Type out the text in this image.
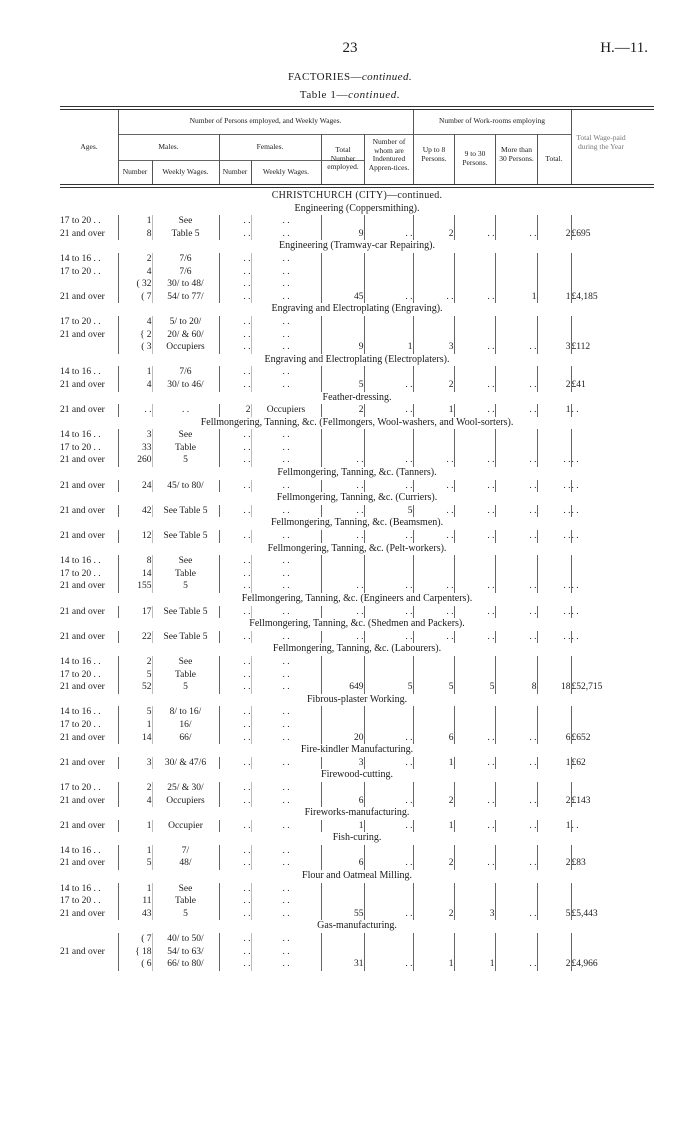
23	H.—11.
FACTORIES—continued.
Table 1—continued.
Ages.
Number of Persons employed, and Weekly Wages.
Males.	Females.
Number	Weekly Wages.	Number	Weekly Wages.
Total Number employed.
Number of whom are Indentured Appren-tices.
Number of Work-rooms employing
Up to 8 Persons.
9 to 30 Persons.
More than 30 Persons.	Total.
Total Wage-paid during the Year
CHRISTCHURCH (CITY)—continued.											
Engineering (Coppersmithing).											
17 to 20 . .	1	See	. .	. .							
21 and over	8	Table 5	. .	. .	9	. .	2	. .	. .	2	£695
Engineering (Tramway-car Repairing).											
14 to 16 . .	2	7/6	. .	. .							
17 to 20 . .	4	7/6	. .	. .							
	( 32	30/ to 48/	. .	. .							
21 and over	( 7	54/ to 77/	. .	. .	45	. .	. .	. .	1	1	£4,185
Engraving and Electroplating (Engraving).											
17 to 20 . .	4	5/ to 20/	. .	. .							
21 and over	{ 2	20/ & 60/	. .	. .							
	( 3	Occupiers	. .	. .	9	1	3	. .	. .	3	£112
Engraving and Electroplating (Electroplaters).											
14 to 16 . .	1	7/6	. .	. .							
21 and over	4	30/ to 46/	. .	. .	5	. .	2	. .	. .	2	£41
Feather-dressing.											
21 and over	. .	. .	2	Occupiers	2	. .	1	. .	. .	1	. .
Fellmongering, Tanning, &c. (Fellmongers, Wool-washers, and Wool-sorters).											
14 to 16 . .	3	See	. .	. .							
17 to 20 . .	33	Table	. .	. .							
21 and over	260	5	. .	. .	. .	. .	. .	. .	. .	. .	. .
Fellmongering, Tanning, &c. (Tanners).											
21 and over	24	45/ to 80/	. .	. .	. .	. .	. .	. .	. .	. .	. .
Fellmongering, Tanning, &c. (Curriers).											
21 and over	42	See Table 5	. .	. .	. .	5	. .	. .	. .	. .	. .
Fellmongering, Tanning, &c. (Beamsmen).											
21 and over	12	See Table 5	. .	. .	. .	. .	. .	. .	. .	. .	. .
Fellmongering, Tanning, &c. (Pelt-workers).											
14 to 16 . .	8	See	. .	. .							
17 to 20 . .	14	Table	. .	. .							
21 and over	155	5	. .	. .	. .	. .	. .	. .	. .	. .	. .
Fellmongering, Tanning, &c. (Engineers and Carpenters).											
21 and over	17	See Table 5	. .	. .	. .	. .	. .	. .	. .	. .	. .
Fellmongering, Tanning, &c. (Shedmen and Packers).											
21 and over	22	See Table 5	. .	. .	. .	. .	. .	. .	. .	. .	. .
Fellmongering, Tanning, &c. (Labourers).											
14 to 16 . .	2	See	. .	. .							
17 to 20 . .	5	Table	. .	. .							
21 and over	52	5	. .	. .	649	5	5	5	8	18	£52,715
Fibrous-plaster Working.											
14 to 16 . .	5	8/ to 16/	. .	. .							
17 to 20 . .	1	16/	. .	. .							
21 and over	14	66/	. .	. .	20	. .	6	. .	. .	6	£652
Fire-kindler Manufacturing.											
21 and over	3	30/ & 47/6	. .	. .	3	. .	1	. .	. .	1	£62
Firewood-cutting.											
17 to 20 . .	2	25/ & 30/	. .	. .							
21 and over	4	Occupiers	. .	. .	6	. .	2	. .	. .	2	£143
Fireworks-manufacturing.											
21 and over	1	Occupier	. .	. .	1	. .	1	. .	. .	1	. .
Fish-curing.											
14 to 16 . .	1	7/	. .	. .							
21 and over	5	48/	. .	. .	6	. .	2	. .	. .	2	£83
Flour and Oatmeal Milling.											
14 to 16 . .	1	See	. .	. .							
17 to 20 . .	11	Table	. .	. .							
21 and over	43	5	. .	. .	55	. .	2	3	. .	5	£5,443
Gas-manufacturing.											
	( 7	40/ to 50/	. .	. .							
21 and over	{ 18	54/ to 63/	. .	. .							
	( 6	66/ to 80/	. .	. .	31	. .	1	1	. .	2	£4,966
